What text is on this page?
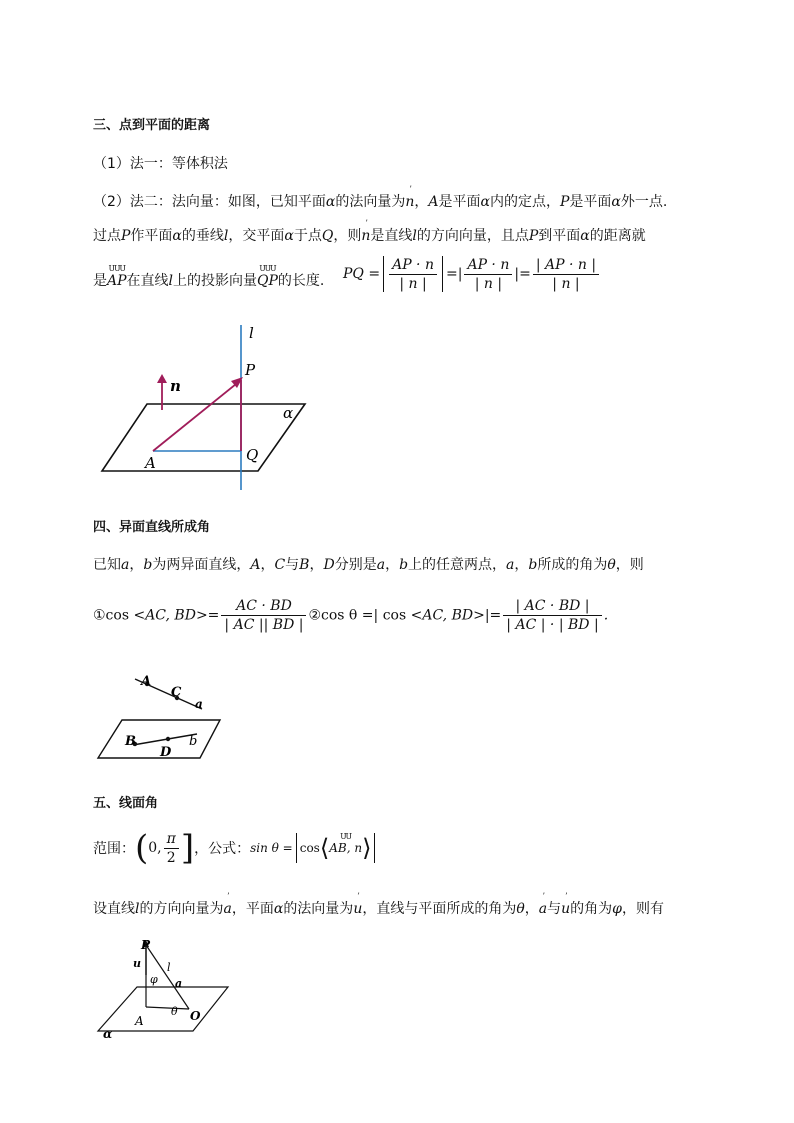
三、点到平面的距离
（1）法一：等体积法
（2）法二：法向量：如图，已知平面α的法向量为
ʼ
n，A是平面α内的定点，P是平面α外一点.
过点P作平面α的垂线l，交平面α于点Q，则
ʼ
n是直线l的方向向量，且点P到平面α的距离就
是
ՍՍՍ
AP在直线l上的投影向量
ՍՍՍ
QP的长度. PQ = $\frac{AP \cdot n}{| n |}$ =| $\frac{AP \cdot n}{| n |}$ |= $\frac{| AP \cdot n |}{| n |}$
l
P
n
α
A	Q
四、异面直线所成角
已知a，b为两异面直线，A，C与B，D分别是a，b上的任意两点，a，b所成的角为θ，则
①cos <AC, $BD>= \frac{AC \cdot BD}{| AC || BD |}$ ②cos θ =| cos <AC, $BD>|= \frac{| AC \cdot BD |}{| AC | \cdot | BD |}$ .
A
C
a
B
D
b
五、线面角
范围：(0, $\frac{\pi}{2}$ ]，公式：sin θ = cos⟨	ՍՍ
AB, n⟩
设直线l的方向向量为
ʼ
a，平面α的法向量为
ʼ
u，直线与平面所成的角为θ，
ʼ
a与
ʼ
u的角为φ，则有
P
u
φ
l
a
A
θ O
α
